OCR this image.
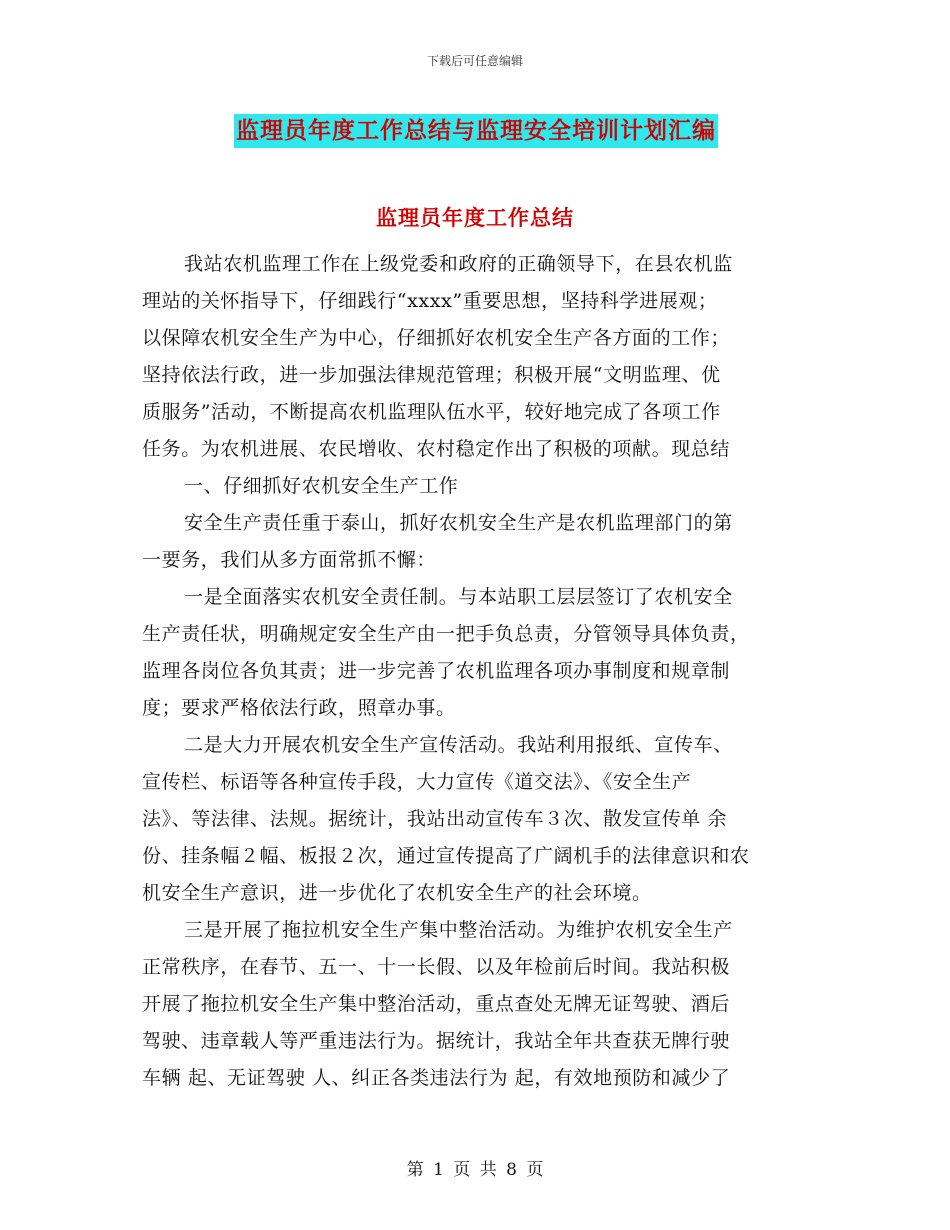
下载后可任意编辑
监理员年度工作总结与监理安全培训计划汇编
监理员年度工作总结
我站农机监理工作在上级党委和政府的正确领导下，在县农机监
理站的关怀指导下，仔细践行“xxxx”重要思想，坚持科学进展观；
以保障农机安全生产为中心，仔细抓好农机安全生产各方面的工作；
坚持依法行政，进一步加强法律规范管理；积极开展“文明监理、优
质服务”活动，不断提高农机监理队伍水平，较好地完成了各项工作
任务。为农机进展、农民增收、农村稳定作出了积极的项献。现总结
一、仔细抓好农机安全生产工作
安全生产责任重于泰山，抓好农机安全生产是农机监理部门的第
一要务，我们从多方面常抓不懈：
一是全面落实农机安全责任制。与本站职工层层签订了农机安全
生产责任状，明确规定安全生产由一把手负总责，分管领导具体负责，
监理各岗位各负其责；进一步完善了农机监理各项办事制度和规章制
度；要求严格依法行政，照章办事。
二是大力开展农机安全生产宣传活动。我站利用报纸、宣传车、
宣传栏、标语等各种宣传手段，大力宣传《道交法》、《安全生产
法》、等法律、法规。据统计，我站出动宣传车３次、散发宣传单 余
份、挂条幅２幅、板报２次，通过宣传提高了广阔机手的法律意识和农
机安全生产意识，进一步优化了农机安全生产的社会环境。
三是开展了拖拉机安全生产集中整治活动。为维护农机安全生产
正常秩序，在春节、五一、十一长假、以及年检前后时间。我站积极
开展了拖拉机安全生产集中整治活动，重点查处无牌无证驾驶、酒后
驾驶、违章载人等严重违法行为。据统计，我站全年共查获无牌行驶
车辆 起、无证驾驶 人、纠正各类违法行为 起，有效地预防和减少了
第 1 页 共 8 页
